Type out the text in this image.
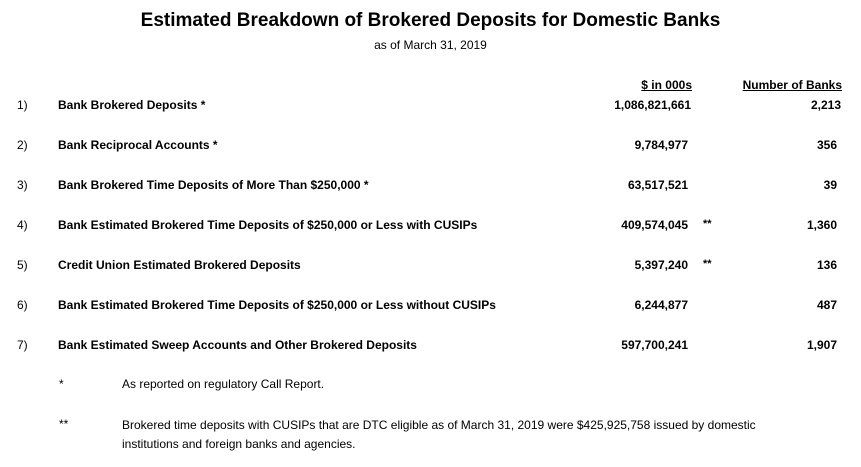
Estimated Breakdown of Brokered Deposits for Domestic Banks
as of March 31, 2019
$ in 000s	Number of Banks
1)	Bank Brokered Deposits *	1,086,821,661	2,213
2)	Bank Reciprocal Accounts *	9,784,977	356
3)	Bank Brokered Time Deposits of More Than $250,000 *	63,517,521	39
4)	Bank Estimated Brokered Time Deposits of $250,000 or Less with CUSIPs	409,574,045 **	1,360
5)	Credit Union Estimated Brokered Deposits	5,397,240 **	136
6)	Bank Estimated Brokered Time Deposits of $250,000 or Less without CUSIPs	6,244,877	487
7)	Bank Estimated Sweep Accounts and Other Brokered Deposits	597,700,241	1,907
*	As reported on regulatory Call Report.
**	Brokered time deposits with CUSIPs that are DTC eligible as of March 31, 2019 were $425,925,758 issued by domestic
institutions and foreign banks and agencies.
